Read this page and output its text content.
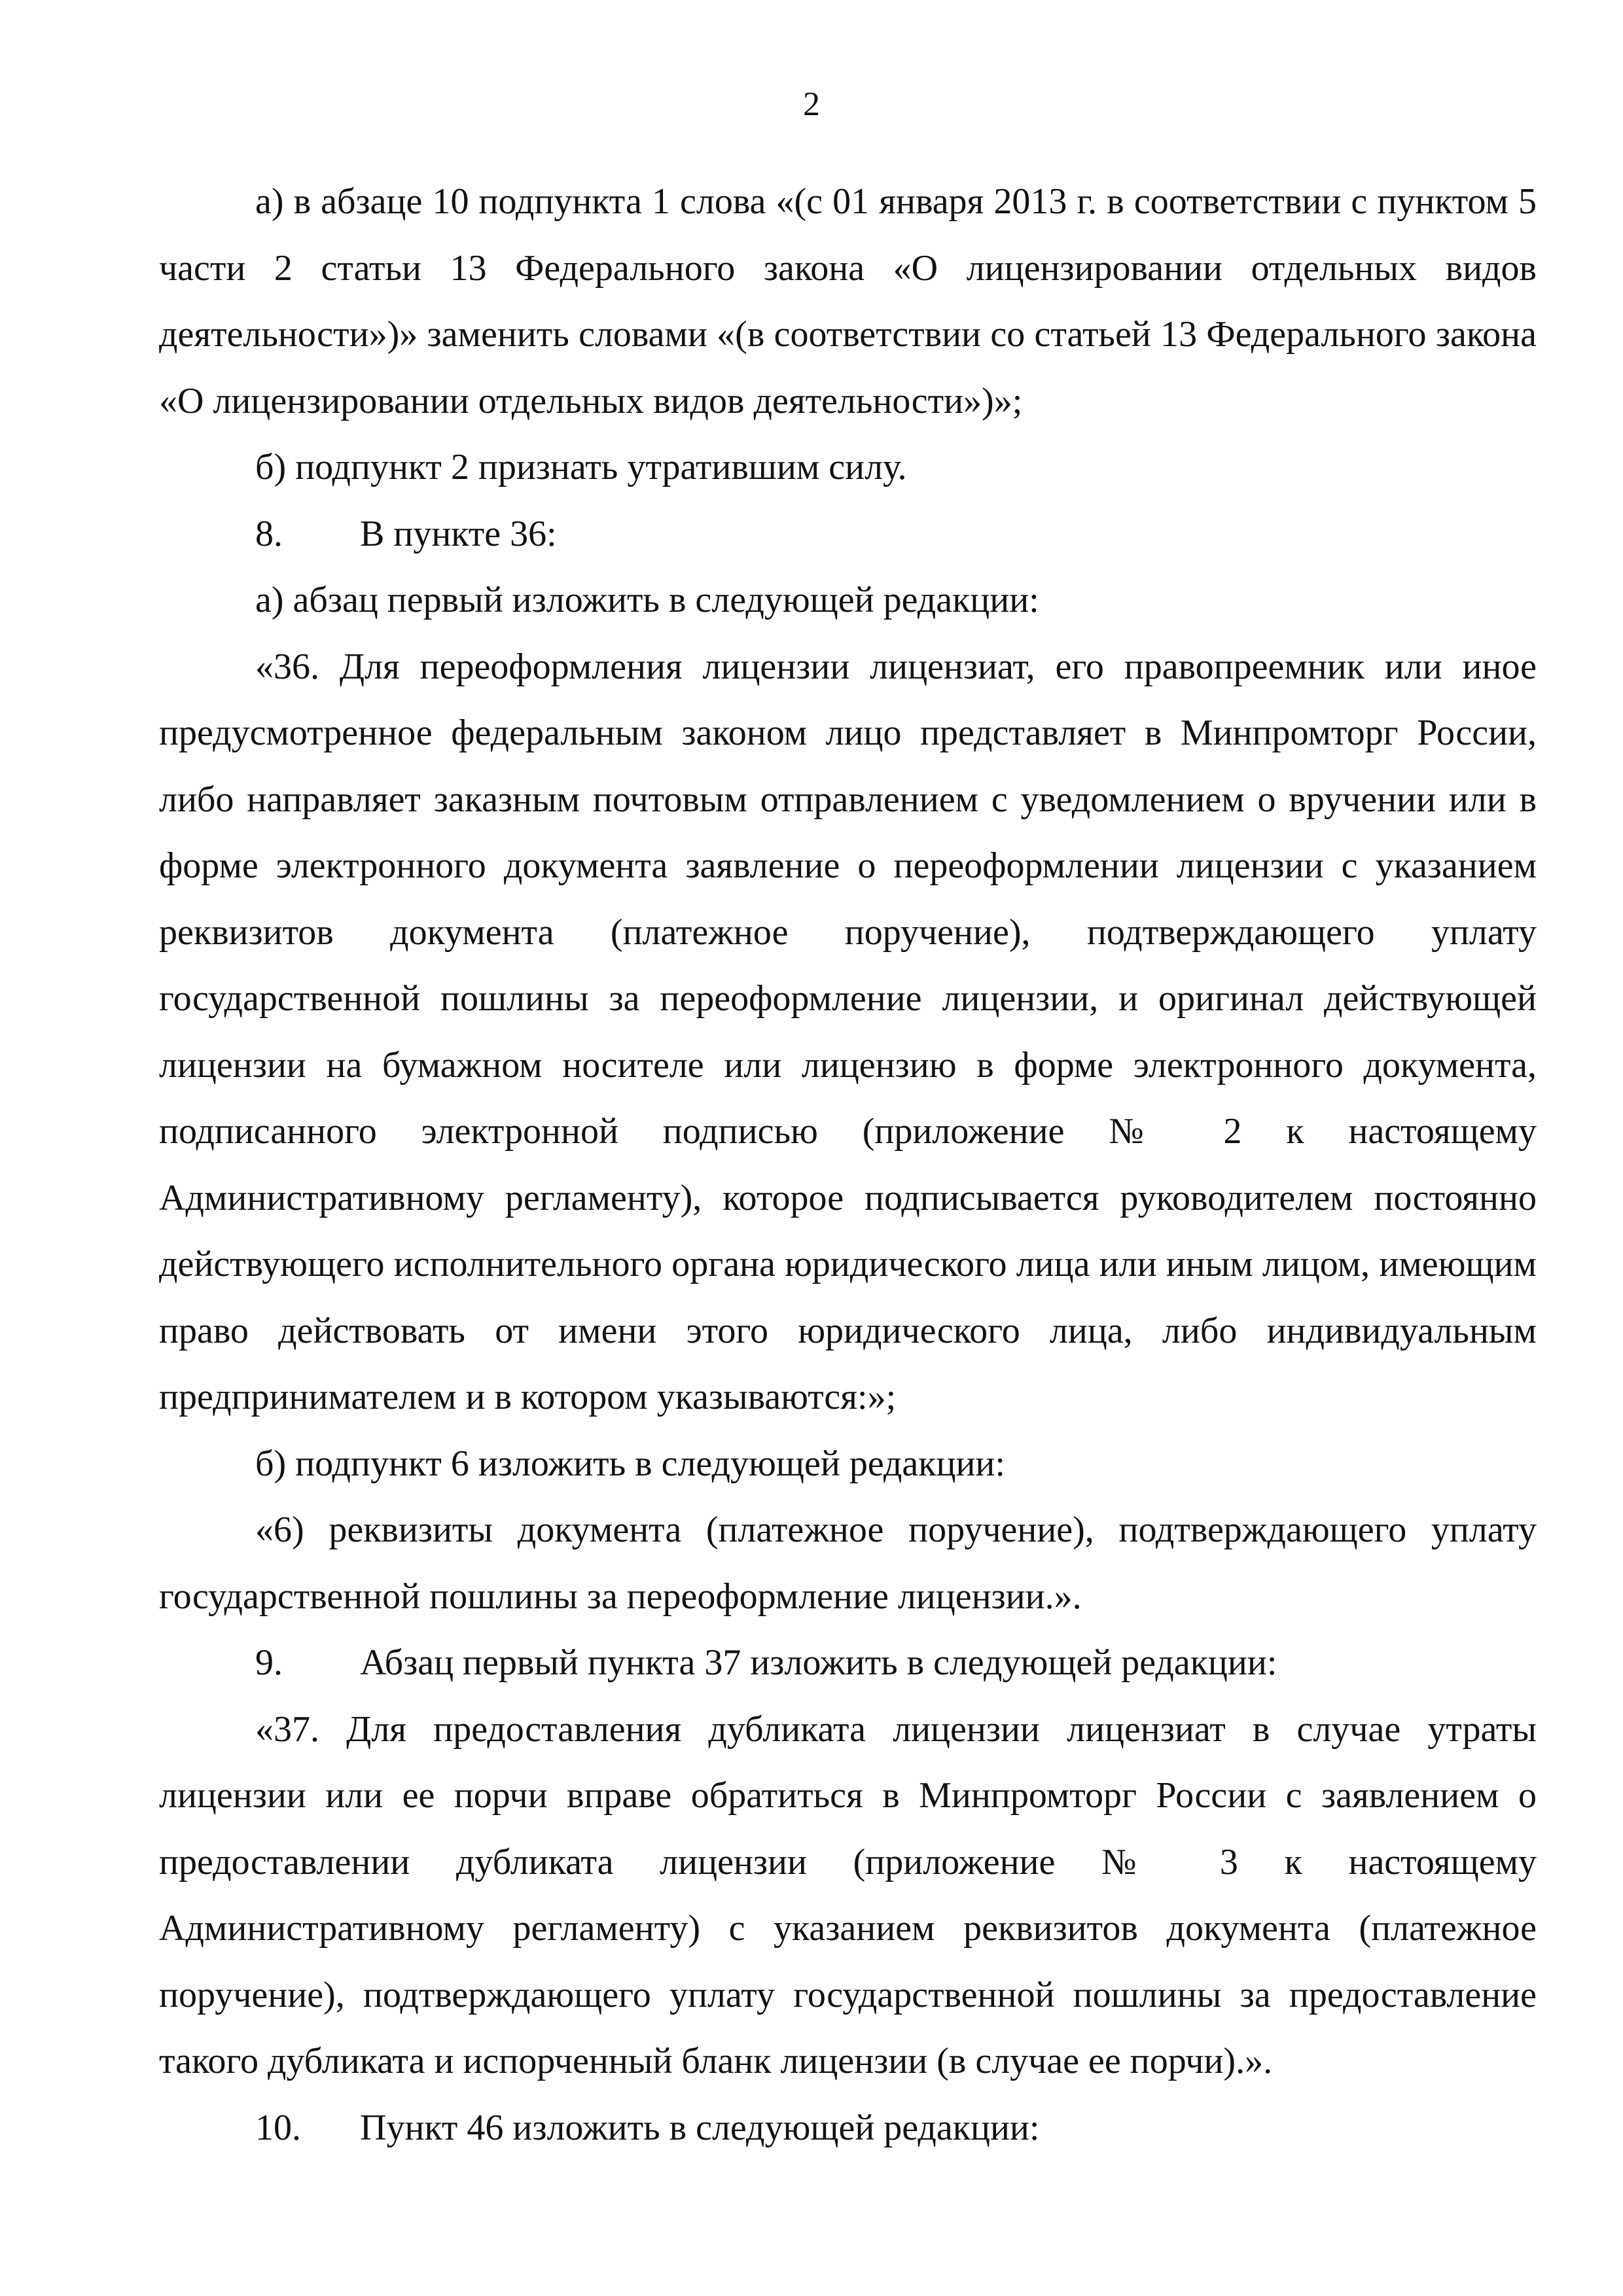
2

а) в абзаце 10 подпункта 1 слова «(с 01 января 2013 г. в соответствии с пунктом 5 части 2 статьи 13 Федерального закона «О лицензировании отдельных видов деятельности»)» заменить словами «(в соответствии со статьей 13 Федерального закона «О лицензировании отдельных видов деятельности»)»;

б) подпункт 2 признать утратившим силу.

8. В пункте 36:

а) абзац первый изложить в следующей редакции:

«36. Для переоформления лицензии лицензиат, его правопреемник или иное предусмотренное федеральным законом лицо представляет в Минпромторг России, либо направляет заказным почтовым отправлением с уведомлением о вручении или в форме электронного документа заявление о переоформлении лицензии с указанием реквизитов документа (платежное поручение), подтверждающего уплату государственной пошлины за переоформление лицензии, и оригинал действующей лицензии на бумажном носителе или лицензию в форме электронного документа, подписанного электронной подписью (приложение № 2 к настоящему Административному регламенту), которое подписывается руководителем постоянно действующего исполнительного органа юридического лица или иным лицом, имеющим право действовать от имени этого юридического лица, либо индивидуальным предпринимателем и в котором указываются:»;

б) подпункт 6 изложить в следующей редакции:

«6) реквизиты документа (платежное поручение), подтверждающего уплату государственной пошлины за переоформление лицензии.».

9. Абзац первый пункта 37 изложить в следующей редакции:

«37. Для предоставления дубликата лицензии лицензиат в случае утраты лицензии или ее порчи вправе обратиться в Минпромторг России с заявлением о предоставлении дубликата лицензии (приложение № 3 к настоящему Административному регламенту) с указанием реквизитов документа (платежное поручение), подтверждающего уплату государственной пошлины за предоставление такого дубликата и испорченный бланк лицензии (в случае ее порчи).».

10. Пункт 46 изложить в следующей редакции:
